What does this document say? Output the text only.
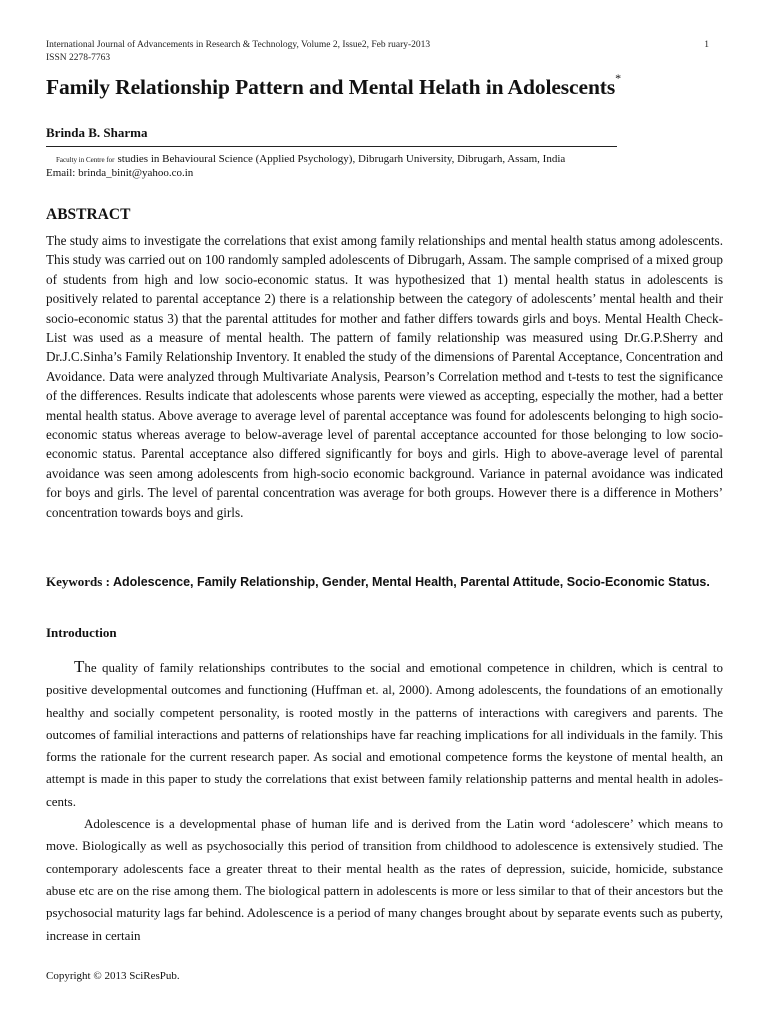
International Journal of Advancements in Research & Technology, Volume 2, Issue2, Feb ruary-2013
ISSN 2278-7763
1
Family Relationship Pattern and Mental Helath in Adolescents*
Brinda B. Sharma
Faculty in Centre for studies in Behavioural Science (Applied Psychology), Dibrugarh University, Dibrugarh, Assam, India
Email: brinda_binit@yahoo.co.in
ABSTRACT
The study aims to investigate the correlations that exist among family relationships and mental health status among adolescents. This study was carried out on 100 randomly sampled adolescents of Dibrugarh, Assam. The sample comprised of a mixed group of students from high and low socio-economic status. It was hypothesized that 1) mental health status in adolescents is positively related to parental acceptance 2) there is a relationship between the category of adolescents’ mental health and their socio-economic status 3) that the parental attitudes for mother and father differs towards girls and boys. Mental Health Check-List was used as a measure of mental health. The pattern of family relationship was measured using Dr.G.P.Sherry and Dr.J.C.Sinha’s Family Relationship Inventory. It enabled the study of the dimensions of Parental Acceptance, Concentration and Avoidance. Data were analyzed through Multivariate Analysis, Pearson’s Correlation method and t-tests to test the significance of the differences. Results indicate that adolescents whose parents were viewed as accepting, especially the mother, had a better mental health status. Above average to average level of parental acceptance was found for adolescents belonging to high socio-economic status whereas average to below-average level of parental acceptance accounted for those belonging to low socio-economic status. Parental acceptance also differed significantly for boys and girls. High to above-average level of parental avoidance was seen among adolescents from high-socio economic background. Variance in paternal avoidance was indicated for boys and girls. The level of parental concentration was average for both groups. However there is a difference in Mothers’ concentration towards boys and girls.
Keywords : Adolescence, Family Relationship, Gender, Mental Health, Parental Attitude, Socio-Economic Status.
Introduction

The quality of family relationships contributes to the social and emotional competence in children, which is central to positive developmental outcomes and functioning (Huffman et. al, 2000). Among adolescents, the foundations of an emotionally healthy and socially competent personality, is rooted mostly in the patterns of interactions with caregivers and parents. The outcomes of familial interactions and patterns of relationships have far reaching implications for all individuals in the family. This forms the rationale for the current research paper. As social and emotional competence forms the keystone of mental health, an attempt is made in this paper to study the correlations that exist between family relationship patterns and mental health in adolescents.

Adolescence is a developmental phase of human life and is derived from the Latin word ‘adolescere’ which means to move. Biologically as well as psychosocially this period of transition from childhood to adolescence is extensively studied. The contemporary adolescents face a greater threat to their mental health as the rates of depression, suicide, homicide, substance abuse etc are on the rise among them. The biological pattern in adolescents is more or less similar to that of their ancestors but the psychosocial maturity lags far behind. Adolescence is a period of many changes brought about by separate events such as puberty, increase in certain

Copyright © 2013 SciResPub.
